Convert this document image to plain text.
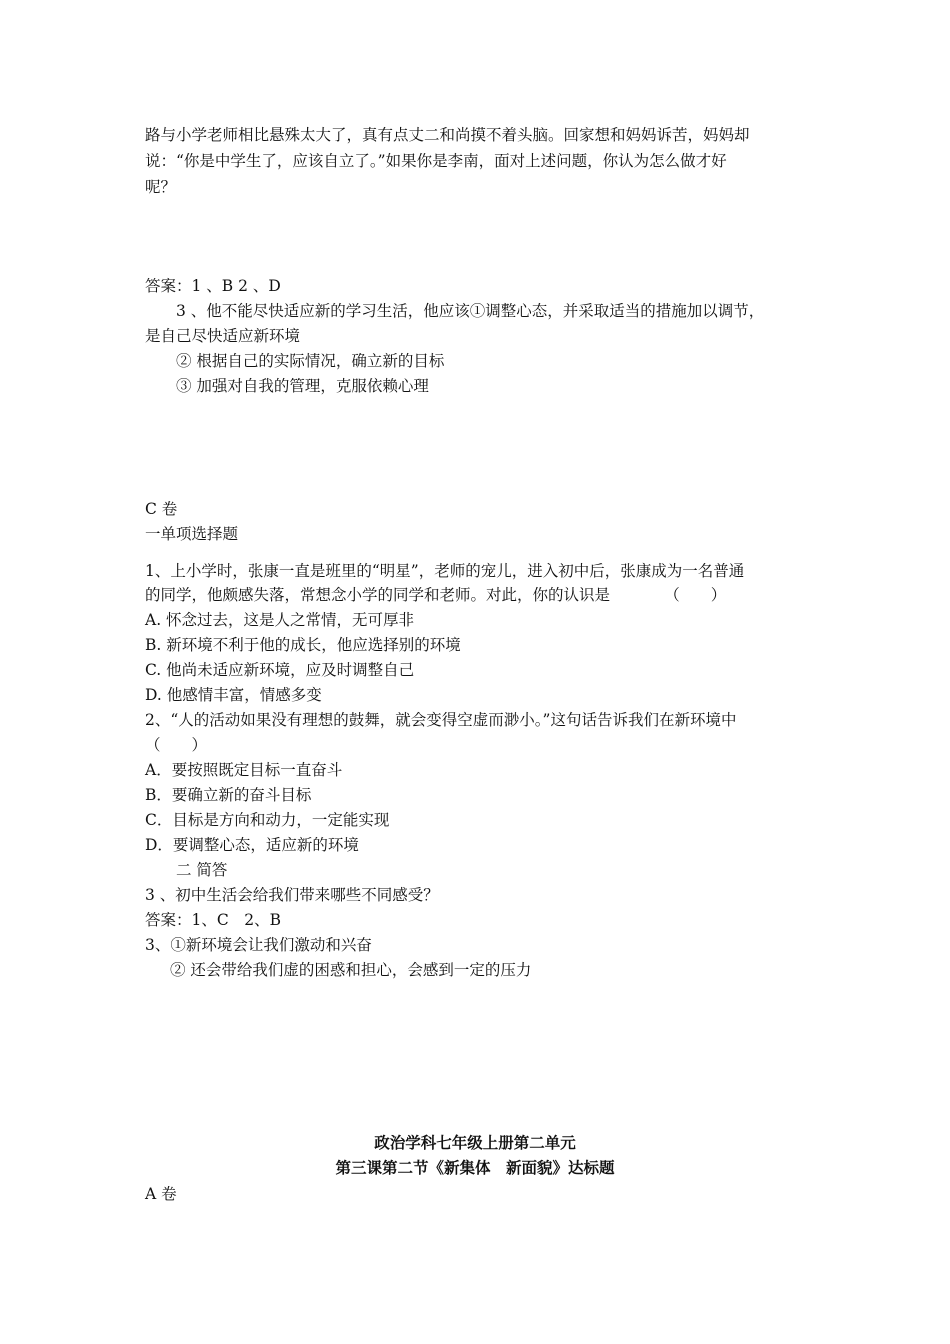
路与小学老师相比悬殊太大了，真有点丈二和尚摸不着头脑。回家想和妈妈诉苦，妈妈却
说：“你是中学生了，应该自立了。”如果你是李南，面对上述问题，你认为怎么做才好
呢？
答案：1 、B 2 、D
3 、他不能尽快适应新的学习生活，他应该①调整心态，并采取适当的措施加以调节，
是自己尽快适应新环境
② 根据自己的实际情况，确立新的目标
③ 加强对自我的管理，克服依赖心理
C 卷
一单项选择题
1、上小学时，张康一直是班里的“明星”，老师的宠儿，进入初中后，张康成为一名普通
的同学，他颇感失落，常想念小学的同学和老师。对此，你的认识是　　　　（　　）
A. 怀念过去，这是人之常情，无可厚非
B. 新环境不利于他的成长，他应选择别的环境
C. 他尚未适应新环境，应及时调整自己
D. 他感情丰富，情感多变
2、“人的活动如果没有理想的鼓舞，就会变得空虚而渺小。”这句话告诉我们在新环境中
（　　）
A．要按照既定目标一直奋斗
B．要确立新的奋斗目标
C．目标是方向和动力，一定能实现
D．要调整心态，适应新的环境
二 简答
3 、初中生活会给我们带来哪些不同感受？
答案：1、C　2、B
3、①新环境会让我们激动和兴奋
② 还会带给我们虚的困惑和担心，会感到一定的压力
政治学科七年级上册第二单元
第三课第二节《新集体　新面貌》达标题
A 卷
